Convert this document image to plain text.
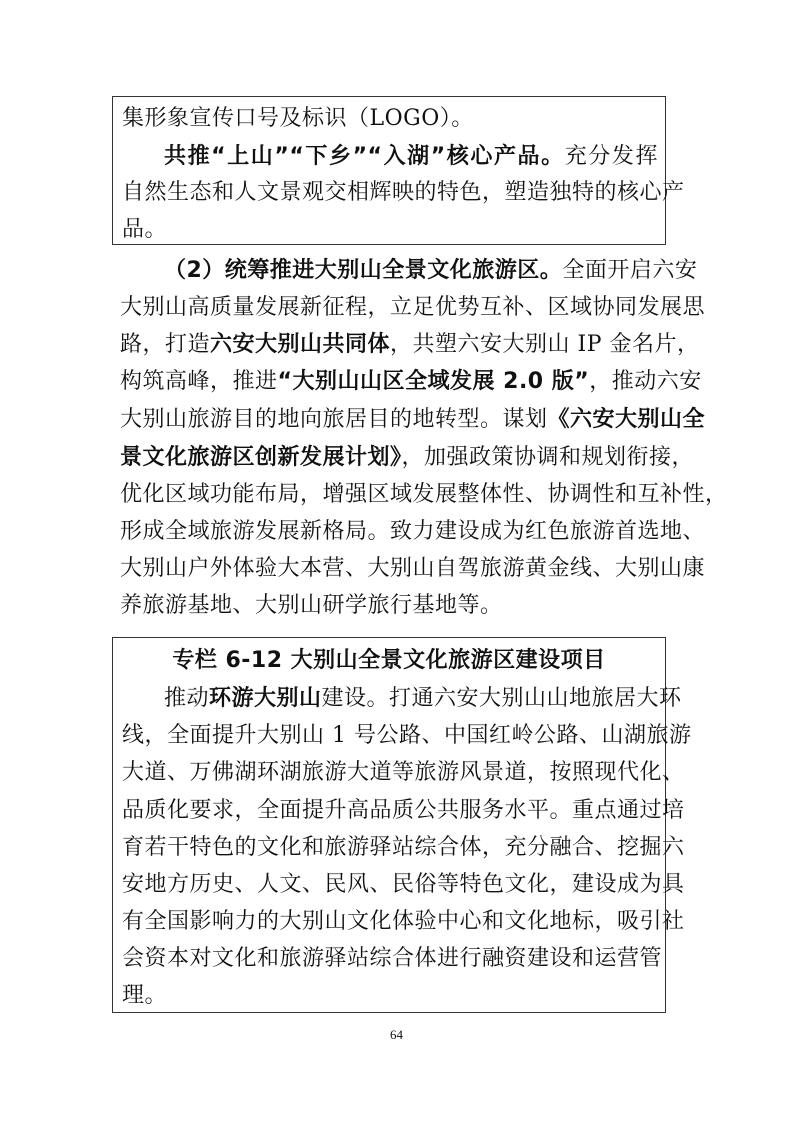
集形象宣传口号及标识（LOGO）。
共推“上山”“下乡”“入湖”核心产品。充分发挥
自然生态和人文景观交相辉映的特色，塑造独特的核心产
品。
（2）统筹推进大别山全景文化旅游区。全面开启六安
大别山高质量发展新征程，立足优势互补、区域协同发展思
路，打造六安大别山共同体，共塑六安大别山 IP 金名片，
构筑高峰，推进“大别山山区全域发展 2.0 版”，推动六安
大别山旅游目的地向旅居目的地转型。谋划《六安大别山全
景文化旅游区创新发展计划》，加强政策协调和规划衔接，
优化区域功能布局，增强区域发展整体性、协调性和互补性，
形成全域旅游发展新格局。致力建设成为红色旅游首选地、
大别山户外体验大本营、大别山自驾旅游黄金线、大别山康
养旅游基地、大别山研学旅行基地等。
专栏 6-12 大别山全景文化旅游区建设项目
推动环游大别山建设。打通六安大别山山地旅居大环
线，全面提升大别山 1 号公路、中国红岭公路、山湖旅游
大道、万佛湖环湖旅游大道等旅游风景道，按照现代化、
品质化要求，全面提升高品质公共服务水平。重点通过培
育若干特色的文化和旅游驿站综合体，充分融合、挖掘六
安地方历史、人文、民风、民俗等特色文化，建设成为具
有全国影响力的大别山文化体验中心和文化地标，吸引社
会资本对文化和旅游驿站综合体进行融资建设和运营管
理。
64
